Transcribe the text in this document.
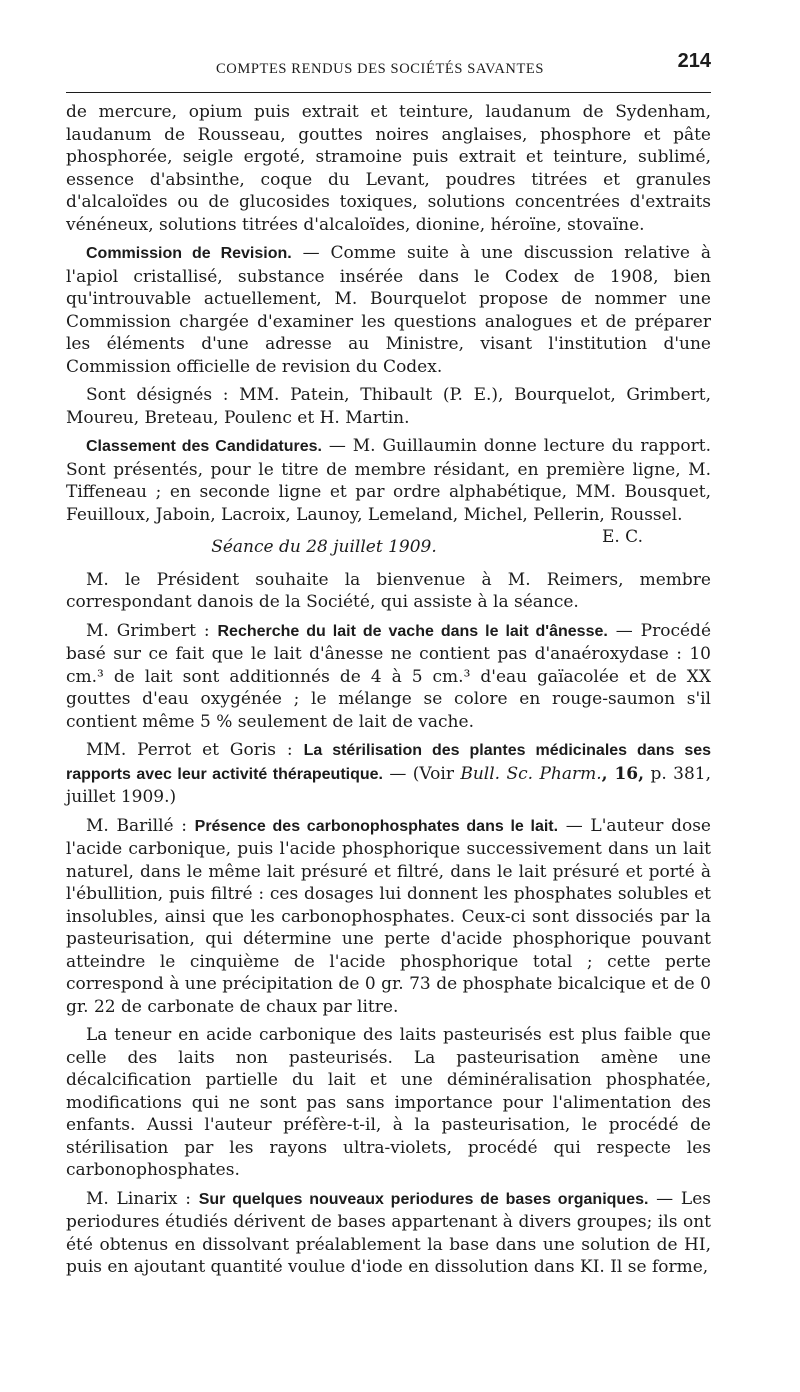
COMPTES RENDUS DES SOCIÉTÉS SAVANTES	214

de mercure, opium puis extrait et teinture, laudanum de Sydenham, laudanum de Rousseau, gouttes noires anglaises, phosphore et pâte phosphorée, seigle ergoté, stramoine puis extrait et teinture, sublimé, essence d'absinthe, coque du Levant, poudres titrées et granules d'alcaloïdes ou de glucosides toxiques, solutions concentrées d'extraits vénéneux, solutions titrées d'alcaloïdes, dionine, héroïne, stovaïne.

Commission de Revision. — Comme suite à une discussion relative à l'apiol cristallisé, substance insérée dans le Codex de 1908, bien qu'introuvable actuellement, M. Bourquelot propose de nommer une Commission chargée d'examiner les questions analogues et de préparer les éléments d'une adresse au Ministre, visant l'institution d'une Commission officielle de revision du Codex.

Sont désignés : MM. Patein, Thibault (P. E.), Bourquelot, Grimbert, Moureu, Breteau, Poulenc et H. Martin.

Classement des Candidatures. — M. Guillaumin donne lecture du rapport. Sont présentés, pour le titre de membre résidant, en première ligne, M. Tiffeneau ; en seconde ligne et par ordre alphabétique, MM. Bousquet, Feuilloux, Jaboin, Lacroix, Launoy, Lemeland, Michel, Pellerin, Roussel.
E. C.

Séance du 28 juillet 1909.

M. le Président souhaite la bienvenue à M. Reimers, membre correspondant danois de la Société, qui assiste à la séance.

M. Grimbert : Recherche du lait de vache dans le lait d'ânesse. — Procédé basé sur ce fait que le lait d'ânesse ne contient pas d'anaéroxydase : 10 cm.³ de lait sont additionnés de 4 à 5 cm.³ d'eau gaïacolée et de XX gouttes d'eau oxygénée ; le mélange se colore en rouge-saumon s'il contient même 5 % seulement de lait de vache.

MM. Perrot et Goris : La stérilisation des plantes médicinales dans ses rapports avec leur activité thérapeutique. — (Voir Bull. Sc. Pharm., 16, p. 381, juillet 1909.)

M. Barillé : Présence des carbonophosphates dans le lait. — L'auteur dose l'acide carbonique, puis l'acide phosphorique successivement dans un lait naturel, dans le même lait présuré et filtré, dans le lait présuré et porté à l'ébullition, puis filtré : ces dosages lui donnent les phosphates solubles et insolubles, ainsi que les carbonophosphates. Ceux-ci sont dissociés par la pasteurisation, qui détermine une perte d'acide phosphorique pouvant atteindre le cinquième de l'acide phosphorique total ; cette perte correspond à une précipitation de 0 gr. 73 de phosphate bicalcique et de 0 gr. 22 de carbonate de chaux par litre.

La teneur en acide carbonique des laits pasteurisés est plus faible que celle des laits non pasteurisés. La pasteurisation amène une décalcification partielle du lait et une déminéralisation phosphatée, modifications qui ne sont pas sans importance pour l'alimentation des enfants. Aussi l'auteur préfère-t-il, à la pasteurisation, le procédé de stérilisation par les rayons ultra-violets, procédé qui respecte les carbonophosphates.

M. Linarix : Sur quelques nouveaux periodures de bases organiques. — Les periodures étudiés dérivent de bases appartenant à divers groupes; ils ont été obtenus en dissolvant préalablement la base dans une solution de HI, puis en ajoutant quantité voulue d'iode en dissolution dans KI. Il se forme,
